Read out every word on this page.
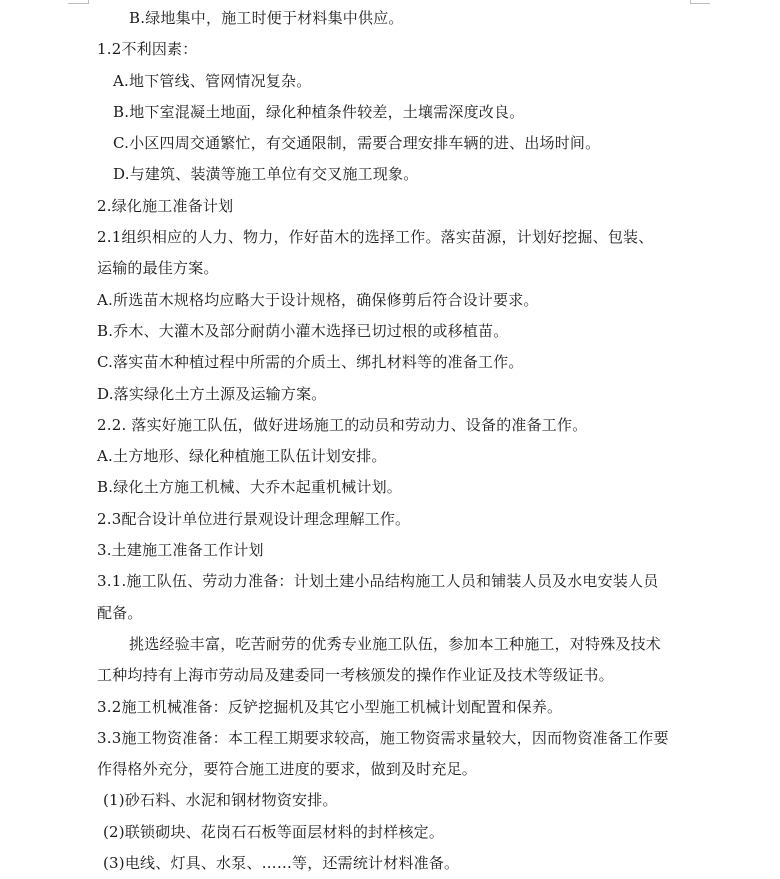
B.绿地集中，施工时便于材料集中供应。
1.2不利因素：
A.地下管线、管网情况复杂。
B.地下室混凝土地面，绿化种植条件较差，土壤需深度改良。
C.小区四周交通繁忙，有交通限制，需要合理安排车辆的进、出场时间。
D.与建筑、装潢等施工单位有交叉施工现象。
2.绿化施工准备计划
2.1组织相应的人力、物力，作好苗木的选择工作。落实苗源，计划好挖掘、包装、
运输的最佳方案。
A.所选苗木规格均应略大于设计规格，确保修剪后符合设计要求。
B.乔木、大灌木及部分耐荫小灌木选择已切过根的或移植苗。
C.落实苗木种植过程中所需的介质土、绑扎材料等的准备工作。
D.落实绿化土方土源及运输方案。
2.2. 落实好施工队伍，做好进场施工的动员和劳动力、设备的准备工作。
A.土方地形、绿化种植施工队伍计划安排。
B.绿化土方施工机械、大乔木起重机械计划。
2.3配合设计单位进行景观设计理念理解工作。
3.土建施工准备工作计划
3.1.施工队伍、劳动力准备：计划土建小品结构施工人员和铺装人员及水电安装人员
配备。
挑选经验丰富，吃苦耐劳的优秀专业施工队伍，参加本工种施工，对特殊及技术
工种均持有上海市劳动局及建委同一考核颁发的操作作业证及技术等级证书。
3.2施工机械准备：反铲挖掘机及其它小型施工机械计划配置和保养。
3.3施工物资准备：本工程工期要求较高，施工物资需求量较大，因而物资准备工作要
作得格外充分，要符合施工进度的要求，做到及时充足。
(1)砂石料、水泥和钢材物资安排。
(2)联锁砌块、花岗石石板等面层材料的封样核定。
(3)电线、灯具、水泵、……等，还需统计材料准备。
